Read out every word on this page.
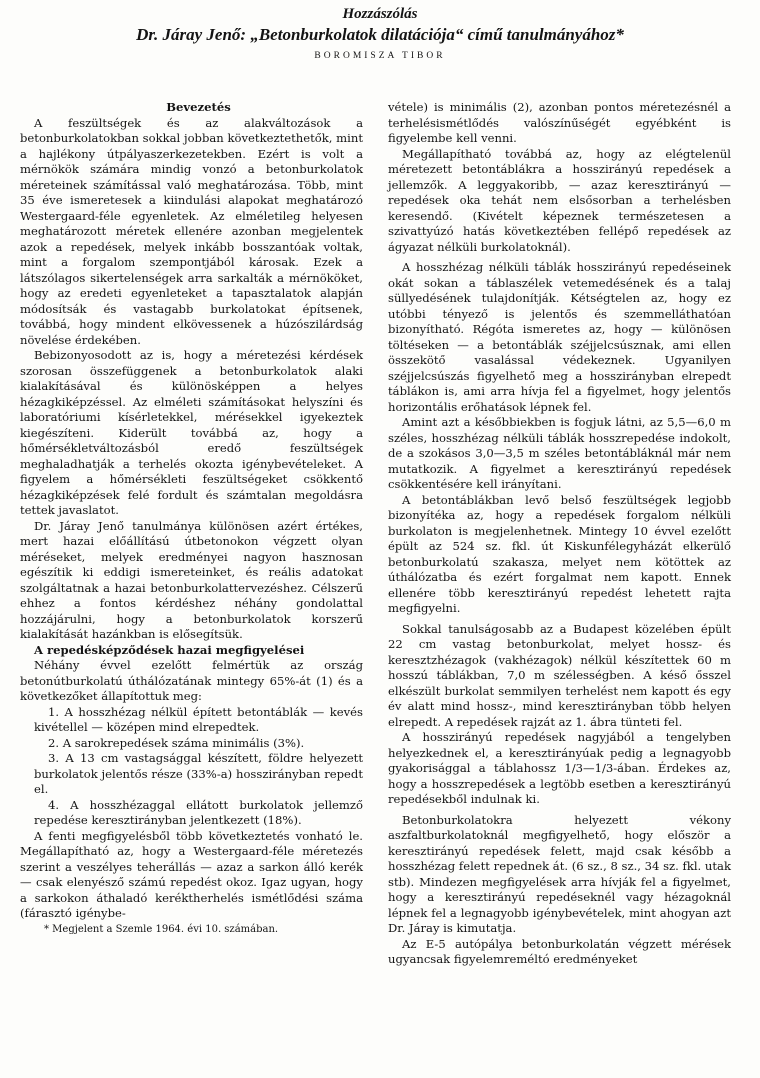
Hozzászólás
Dr. Járay Jenő: „Betonburkolatok dilatációja“ című tanulmányához*
BOROMISZA TIBOR

Bevezetés

A feszültségek és az alakváltozások a betonburkolatokban sokkal jobban következtethetők, mint a hajlékony útpályaszerkezetekben. Ezért is volt a mérnökök számára mindig vonzó a betonburkolatok méreteinek számítással való meghatározása. Több, mint 35 éve ismeretesek a kiindulási alapokat meghatározó Westergaard-féle egyenletek. Az elméletileg helyesen meghatározott méretek ellenére azonban megjelentek azok a repedések, melyek inkább bosszantóak voltak, mint a forgalom szempontjából károsak. Ezek a látszólagos sikertelenségek arra sarkalták a mérnököket, hogy az eredeti egyenleteket a tapasztalatok alapján módosítsák és vastagabb burkolatokat építsenek, továbbá, hogy mindent elkövessenek a húzószilárdság növelése érdekében.

Bebizonyosodott az is, hogy a méretezési kérdések szorosan összefüggenek a betonburkolatok alaki kialakításával és különösképpen a helyes hézagkiképzéssel. Az elméleti számításokat helyszíni és laboratóriumi kísérletekkel, mérésekkel igyekeztek kiegészíteni. Kiderült továbbá az, hogy a hőmérsékletváltozásból eredő feszültségek meghaladhatják a terhelés okozta igénybevételeket. A figyelem a hőmérsékleti feszültségeket csökkentő hézagkiképzések felé fordult és számtalan megoldásra tettek javaslatot.

Dr. Járay Jenő tanulmánya különösen azért értékes, mert hazai előállítású útbetonokon végzett olyan méréseket, melyek eredményei nagyon hasznosan egészítik ki eddigi ismereteinket, és reális adatokat szolgáltatnak a hazai betonburkolattervezéshez. Célszerű ehhez a fontos kérdéshez néhány gondolattal hozzájárulni, hogy a betonburkolatok korszerű kialakítását hazánkban is elősegítsük.

A repedésképződések hazai megfigyelései

Néhány évvel ezelőtt felmértük az ország betonútburkolatú úthálózatának mintegy 65%-át (1) és a következőket állapítottuk meg:

1. A hosszhézag nélkül épített betontáblák — kevés kivétellel — középen mind elrepedtek.

2. A sarokrepedések száma minimális (3%).

3. A 13 cm vastagsággal készített, földre helyezett burkolatok jelentős része (33%-a) hosszirányban repedt el.

4. A hosszhézaggal ellátott burkolatok jellemző repedése keresztirányban jelentkezett (18%).

A fenti megfigyelésből több következtetés vonható le. Megállapítható az, hogy a Westergaard-féle méretezés szerint a veszélyes teherállás — azaz a sarkon álló kerék — csak elenyésző számú repedést okoz. Igaz ugyan, hogy a sarkokon áthaladó keréktherhelés ismétlődési száma (fárasztó igénybe-

* Megjelent a Szemle 1964. évi 10. számában.

vétele) is minimális (2), azonban pontos méretezésnél a terhelésismétlődés valószínűségét egyébként is figyelembe kell venni.

Megállapítható továbbá az, hogy az elégtelenül méretezett betontáblákra a hosszirányú repedések a jellemzők. A leggyakoribb, — azaz keresztirányú — repedések oka tehát nem elsősorban a terhelésben keresendő. (Kivételt képeznek természetesen a szivattyúzó hatás következtében fellépő repedések az ágyazat nélküli burkolatoknál).

A hosszhézag nélküli táblák hosszirányú repedéseinek okát sokan a táblaszélek vetemedésének és a talaj süllyedésének tulajdonítják. Kétségtelen az, hogy ez utóbbi tényező is jelentős és szemmelláthatóan bizonyítható. Régóta ismeretes az, hogy — különösen töltéseken — a betontáblák széjjelcsúsznak, ami ellen összekötő vasalással védekeznek. Ugyanilyen széjjelcsúszás figyelhető meg a hosszirányban elrepedt táblákon is, ami arra hívja fel a figyelmet, hogy jelentős horizontális erőhatások lépnek fel.

Amint azt a későbbiekben is fogjuk látni, az 5,5—6,0 m széles, hosszhézag nélküli táblák hosszrepedése indokolt, de a szokásos 3,0—3,5 m széles betontábláknál már nem mutatkozik. A figyelmet a keresztirányú repedések csökkentésére kell irányítani.

A betontáblákban levő belső feszültségek legjobb bizonyítéka az, hogy a repedések forgalom nélküli burkolaton is megjelenhetnek. Mintegy 10 évvel ezelőtt épült az 524 sz. fkl. út Kiskunfélegyházát elkerülő betonburkolatú szakasza, melyet nem kötöttek az úthálózatba és ezért forgalmat nem kapott. Ennek ellenére több keresztirányú repedést lehetett rajta megfigyelni.

Sokkal tanulságosabb az a Budapest közelében épült 22 cm vastag betonburkolat, melyet hossz- és keresztzhézagok (vakhézagok) nélkül készítettek 60 m hosszú táblákban, 7,0 m szélességben. A késő ősszel elkészült burkolat semmilyen terhelést nem kapott és egy év alatt mind hossz-, mind keresztirányban több helyen elrepedt. A repedések rajzát az 1. ábra tünteti fel.

A hosszirányú repedések nagyjából a tengelyben helyezkednek el, a keresztirányúak pedig a legnagyobb gyakorisággal a táblahossz 1/3—1/3-ában. Érdekes az, hogy a hosszrepedések a legtöbb esetben a keresztirányú repedésekből indulnak ki.

Betonburkolatokra helyezett vékony aszfaltburkolatoknál megfigyelhető, hogy először a keresztirányú repedések felett, majd csak később a hosszhézag felett repednek át. (6 sz., 8 sz., 34 sz. fkl. utak stb). Mindezen megfigyelések arra hívják fel a figyelmet, hogy a keresztirányú repedéseknél vagy hézagoknál lépnek fel a legnagyobb igénybevételek, mint ahogyan azt Dr. Járay is kimutatja.

Az E-5 autópálya betonburkolatán végzett mérések ugyancsak figyelemreméltó eredményeket
